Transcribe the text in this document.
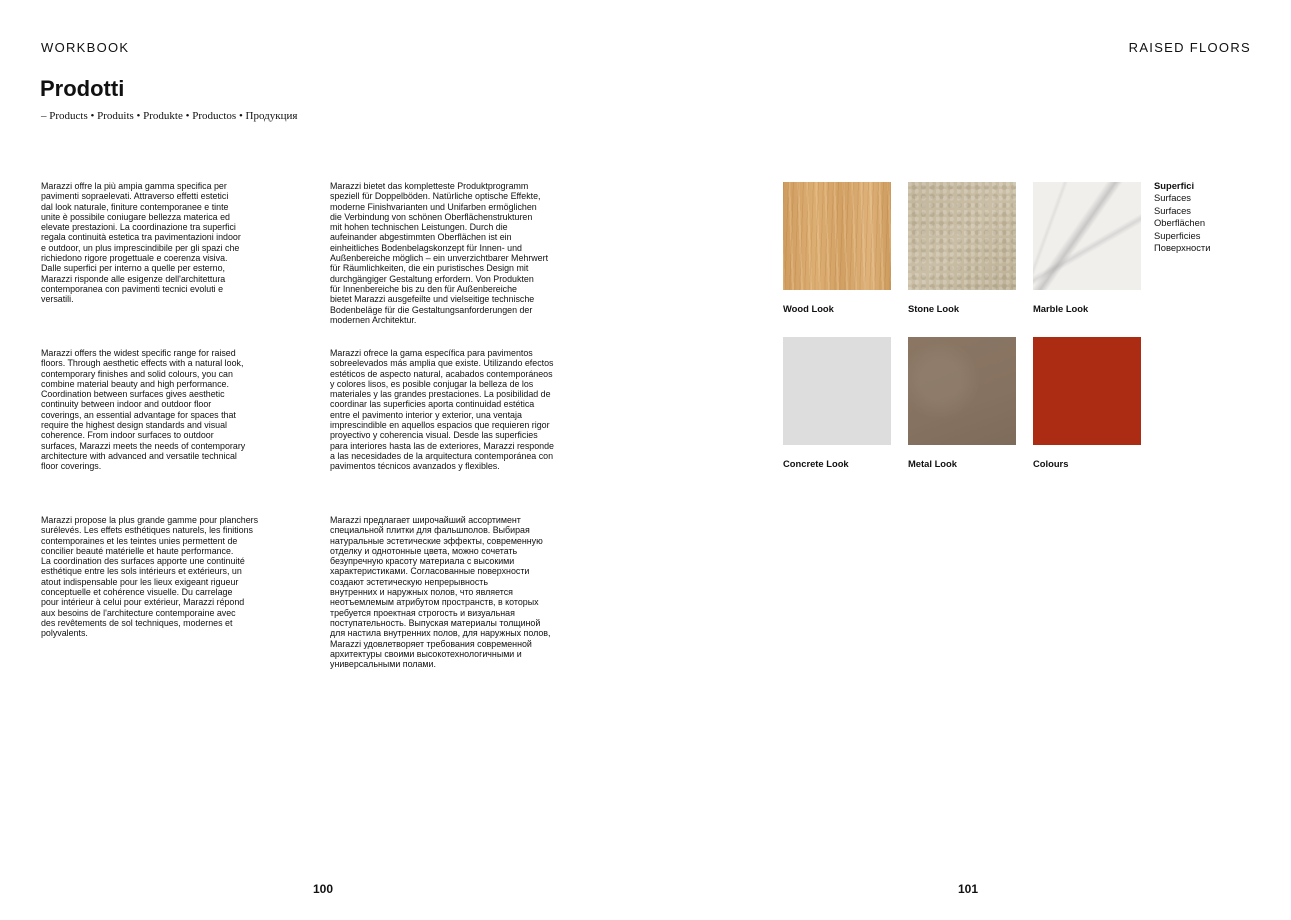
WORKBOOK	RAISED FLOORS
Prodotti
– Products • Produits • Produkte • Productos • Продукция

Marazzi offre la più ampia gamma specifica per
pavimenti sopraelevati. Attraverso effetti estetici
dal look naturale, finiture contemporanee e tinte
unite è possibile coniugare bellezza materica ed
elevate prestazioni. La coordinazione tra superfici
regala continuità estetica tra pavimentazioni indoor
e outdoor, un plus imprescindibile per gli spazi che
richiedono rigore progettuale e coerenza visiva.
Dalle superfici per interno a quelle per esterno,
Marazzi risponde alle esigenze dell'architettura
contemporanea con pavimenti tecnici evoluti e
versatili.

Marazzi bietet das kompletteste Produktprogramm
speziell für Doppelböden. Natürliche optische Effekte,
moderne Finishvarianten und Unifarben ermöglichen
die Verbindung von schönen Oberflächenstrukturen
mit hohen technischen Leistungen. Durch die
aufeinander abgestimmten Oberflächen ist ein
einheitliches Bodenbelagskonzept für Innen- und
Außenbereiche möglich – ein unverzichtbarer Mehrwert
für Räumlichkeiten, die ein puristisches Design mit
durchgängiger Gestaltung erfordern. Von Produkten
für Innenbereiche bis zu den für Außenbereiche
bietet Marazzi ausgefeilte und vielseitige technische
Bodenbeläge für die Gestaltungsanforderungen der
modernen Architektur.

Marazzi offers the widest specific range for raised
floors. Through aesthetic effects with a natural look,
contemporary finishes and solid colours, you can
combine material beauty and high performance.
Coordination between surfaces gives aesthetic
continuity between indoor and outdoor floor
coverings, an essential advantage for spaces that
require the highest design standards and visual
coherence. From indoor surfaces to outdoor
surfaces, Marazzi meets the needs of contemporary
architecture with advanced and versatile technical
floor coverings.

Marazzi ofrece la gama específica para pavimentos
sobreelevados más amplia que existe. Utilizando efectos
estéticos de aspecto natural, acabados contemporáneos
y colores lisos, es posible conjugar la belleza de los
materiales y las grandes prestaciones. La posibilidad de
coordinar las superficies aporta continuidad estética
entre el pavimento interior y exterior, una ventaja
imprescindible en aquellos espacios que requieren rigor
proyectivo y coherencia visual. Desde las superficies
para interiores hasta las de exteriores, Marazzi responde
a las necesidades de la arquitectura contemporánea con
pavimentos técnicos avanzados y flexibles.

Marazzi propose la plus grande gamme pour planchers
surélevés. Les effets esthétiques naturels, les finitions
contemporaines et les teintes unies permettent de
concilier beauté matérielle et haute performance.
La coordination des surfaces apporte une continuité
esthétique entre les sols intérieurs et extérieurs, un
atout indispensable pour les lieux exigeant rigueur
conceptuelle et cohérence visuelle. Du carrelage
pour intérieur à celui pour extérieur, Marazzi répond
aux besoins de l'architecture contemporaine avec
des revêtements de sol techniques, modernes et
polyvalents.

Marazzi предлагает широчайший ассортимент
специальной плитки для фальшполов. Выбирая
натуральные эстетические эффекты, современную
отделку и однотонные цвета, можно сочетать
безупречную красоту материала с высокими
характеристиками. Согласованные поверхности
создают эстетическую непрерывность
внутренних и наружных полов, что является
неотъемлемым атрибутом пространств, в которых
требуется проектная строгость и визуальная
поступательность. Выпуская материалы толщиной
для настила внутренних полов, для наружных полов,
Marazzi удовлетворяет требования современной
архитектуры своими высокотехнологичными и
универсальными полами.

Wood Look	Stone Look	Marble Look
Concrete Look	Metal Look	Colours
Superfici
Surfaces
Surfaces
Oberflächen
Superficies
Поверхности
100	101
